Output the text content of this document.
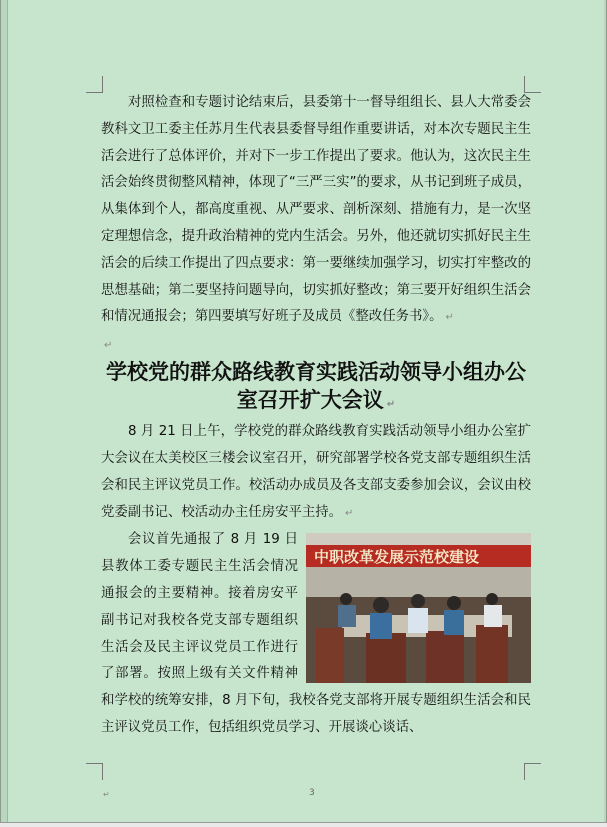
对照检查和专题讨论结束后，县委第十一督导组组长、县人大常委会教科文卫工委主任苏月生代表县委督导组作重要讲话，对本次专题民主生活会进行了总体评价，并对下一步工作提出了要求。他认为，这次民主生活会始终贯彻整风精神，体现了“三严三实”的要求，从书记到班子成员，从集体到个人，都高度重视、从严要求、剖析深刻、措施有力，是一次坚定理想信念，提升政治精神的党内生活会。另外，他还就切实抓好民主生活会的后续工作提出了四点要求：第一要继续加强学习，切实打牢整改的思想基础；第二要坚持问题导向，切实抓好整改；第三要开好组织生活会和情况通报会；第四要填写好班子及成员《整改任务书》。 ↵

↵

学校党的群众路线教育实践活动领导小组办公室召开扩大会议 ↵

8 月 21 日上午，学校党的群众路线教育实践活动领导小组办公室扩大会议在太美校区三楼会议室召开，研究部署学校各党支部专题组织生活会和民主评议党员工作。校活动办成员及各支部支委参加会议，会议由校党委副书记、校活动办主任房安平主持。 ↵

中职改革发展示范校建设

会议首先通报了 8 月 19 日县教体工委专题民主生活会情况通报会的主要精神。接着房安平副书记对我校各党支部专题组织生活会及民主评议党员工作进行了部署。按照上级有关文件精神和学校的统筹安排，8 月下旬，我校各党支部将开展专题组织生活会和民主评议党员工作，包括组织党员学习、开展谈心谈话、

↵	3
